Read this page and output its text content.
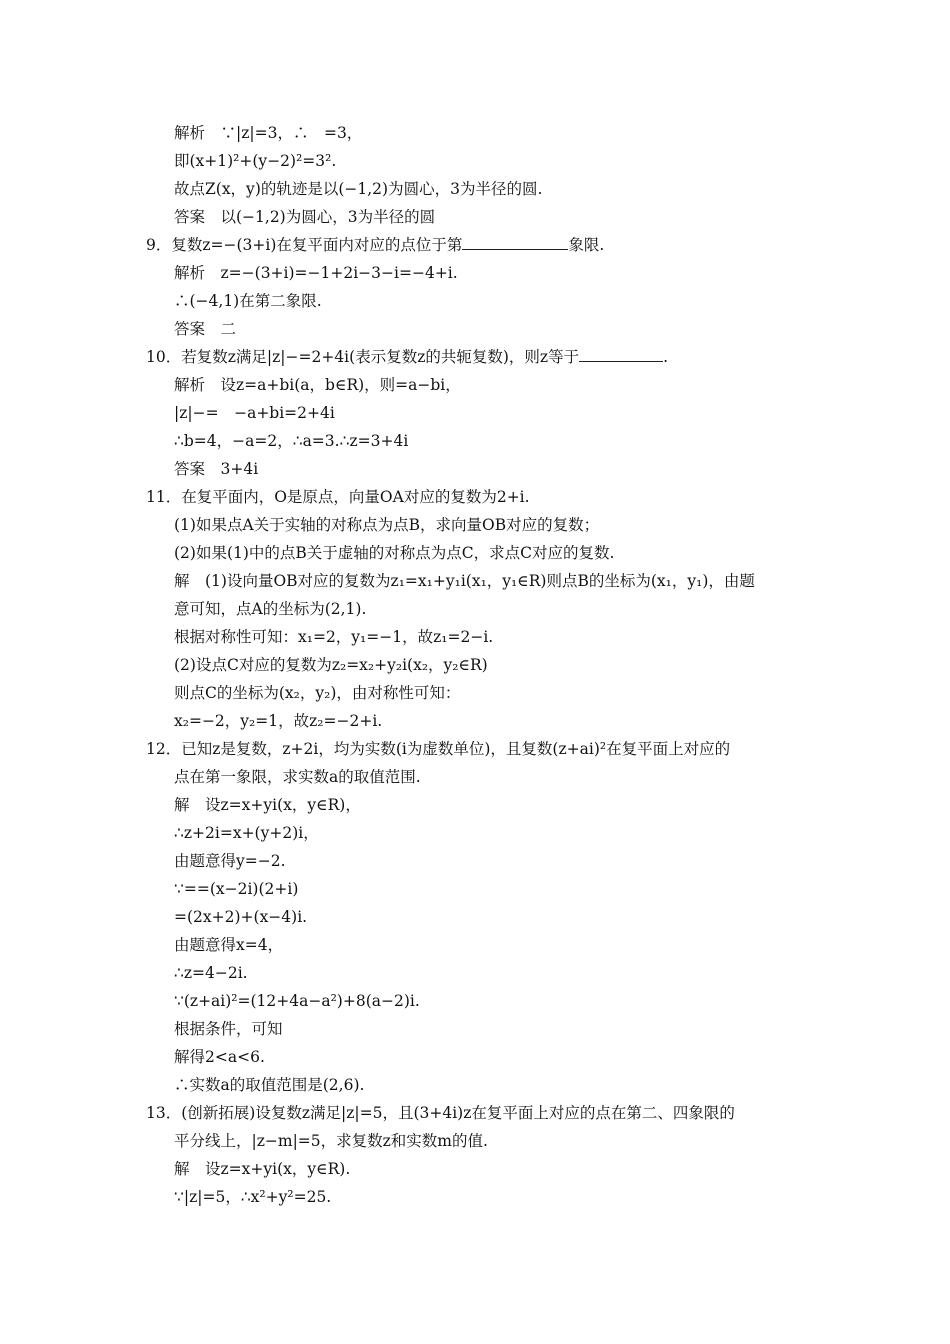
解析　∵|z|=3，∴　=3，
即(x+1)²+(y−2)²=3².
故点Z(x，y)的轨迹是以(−1,2)为圆心，3为半径的圆.
答案　以(−1,2)为圆心，3为半径的圆
9．复数z=−(3+i)在复平面内对应的点位于第	象限.
解析　z=−(3+i)=−1+2i−3−i=−4+i.
∴(−4,1)在第二象限.
答案　二
10．若复数z满足|z|−=2+4i(表示复数z的共轭复数)，则z等于	.
解析　设z=a+bi(a，b∈R)，则=a−bi，
|z|−=　−a+bi=2+4i
∴b=4，−a=2，∴a=3.∴z=3+4i
答案　3+4i
11．在复平面内，O是原点，向量OA对应的复数为2+i.
(1)如果点A关于实轴的对称点为点B，求向量OB对应的复数；
(2)如果(1)中的点B关于虚轴的对称点为点C，求点C对应的复数.
解　(1)设向量OB对应的复数为z₁=x₁+y₁i(x₁，y₁∈R)则点B的坐标为(x₁，y₁)，由题
意可知，点A的坐标为(2,1).
根据对称性可知：x₁=2，y₁=−1，故z₁=2−i.
(2)设点C对应的复数为z₂=x₂+y₂i(x₂，y₂∈R)
则点C的坐标为(x₂，y₂)，由对称性可知：
x₂=−2，y₂=1，故z₂=−2+i.
12．已知z是复数，z+2i，均为实数(i为虚数单位)，且复数(z+ai)²在复平面上对应的
点在第一象限，求实数a的取值范围.
解　设z=x+yi(x，y∈R)，
∴z+2i=x+(y+2)i，
由题意得y=−2.
∵==(x−2i)(2+i)
=(2x+2)+(x−4)i.
由题意得x=4，
∴z=4−2i.
∵(z+ai)²=(12+4a−a²)+8(a−2)i.
根据条件，可知
解得2<a<6.
∴实数a的取值范围是(2,6).
13．(创新拓展)设复数z满足|z|=5，且(3+4i)z在复平面上对应的点在第二、四象限的
平分线上，|z−m|=5，求复数z和实数m的值.
解　设z=x+yi(x，y∈R).
∵|z|=5，∴x²+y²=25.
